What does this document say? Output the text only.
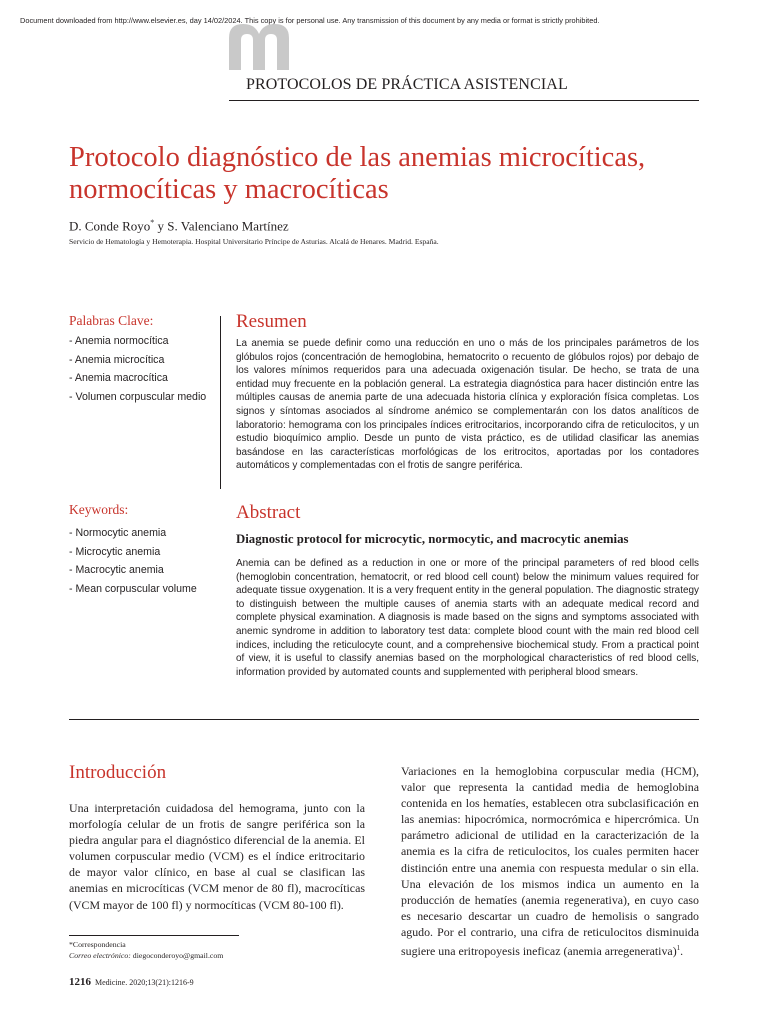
Document downloaded from http://www.elsevier.es, day 14/02/2024. This copy is for personal use. Any transmission of this document by any media or format is strictly prohibited.
PROTOCOLOS DE PRÁCTICA ASISTENCIAL
Protocolo diagnóstico de las anemias microcíticas,
normocíticas y macrocíticas
D. Conde Royo* y S. Valenciano Martínez
Servicio de Hematología y Hemoterapia. Hospital Universitario Príncipe de Asturias. Alcalá de Henares. Madrid. España.
Palabras Clave:
- Anemia normocítica
- Anemia microcítica
- Anemia macrocítica
- Volumen corpuscular medio
Resumen
La anemia se puede definir como una reducción en uno o más de los principales parámetros de los glóbulos rojos (concentración de hemoglobina, hematocrito o recuento de glóbulos rojos) por debajo de los valores mínimos requeridos para una adecuada oxigenación tisular. De hecho, se trata de una entidad muy frecuente en la población general. La estrategia diagnóstica para hacer distinción entre las múltiples causas de anemia parte de una adecuada historia clínica y exploración física completas. Los signos y síntomas asociados al síndrome anémico se complementarán con los datos analíticos de laboratorio: hemograma con los principales índices eritrocitarios, incorporando cifra de reticulocitos, y un estudio bioquímico amplio. Desde un punto de vista práctico, es de utilidad clasificar las anemias basándose en las características morfológicas de los eritrocitos, aportadas por los contadores automáticos y complementadas con el frotis de sangre periférica.
Keywords:
- Normocytic anemia
- Microcytic anemia
- Macrocytic anemia
- Mean corpuscular volume
Abstract
Diagnostic protocol for microcytic, normocytic, and macrocytic anemias
Anemia can be defined as a reduction in one or more of the principal parameters of red blood cells (hemoglobin concentration, hematocrit, or red blood cell count) below the minimum values required for adequate tissue oxygenation. It is a very frequent entity in the general population. The diagnostic strategy to distinguish between the multiple causes of anemia starts with an adequate medical record and complete physical examination. A diagnosis is made based on the signs and symptoms associated with anemic syndrome in addition to laboratory test data: complete blood count with the main red blood cell indices, including the reticulocyte count, and a comprehensive biochemical study. From a practical point of view, it is useful to classify anemias based on the morphological characteristics of red blood cells, information provided by automated counts and supplemented with peripheral blood smears.
Introducción
Una interpretación cuidadosa del hemograma, junto con la morfología celular de un frotis de sangre periférica son la piedra angular para el diagnóstico diferencial de la anemia. El volumen corpuscular medio (VCM) es el índice eritrocitario de mayor valor clínico, en base al cual se clasifican las anemias en microcíticas (VCM menor de 80 fl), macrocíticas (VCM mayor de 100 fl) y normocíticas (VCM 80-100 fl).
Variaciones en la hemoglobina corpuscular media (HCM), valor que representa la cantidad media de hemoglobina contenida en los hematíes, establecen otra subclasificación en las anemias: hipocrómica, normocrómica e hipercrómica. Un parámetro adicional de utilidad en la caracterización de la anemia es la cifra de reticulocitos, los cuales permiten hacer distinción entre una anemia con respuesta medular o sin ella. Una elevación de los mismos indica un aumento en la producción de hematíes (anemia regenerativa), en cuyo caso es necesario descartar un cuadro de hemolisis o sangrado agudo. Por el contrario, una cifra de reticulocitos disminuida sugiere una eritropoyesis ineficaz (anemia arregenerativa)$^1$.
*Correspondencia
Correo electrónico: diegoconderoyo@gmail.com
1216 Medicine. 2020;13(21):1216-9
